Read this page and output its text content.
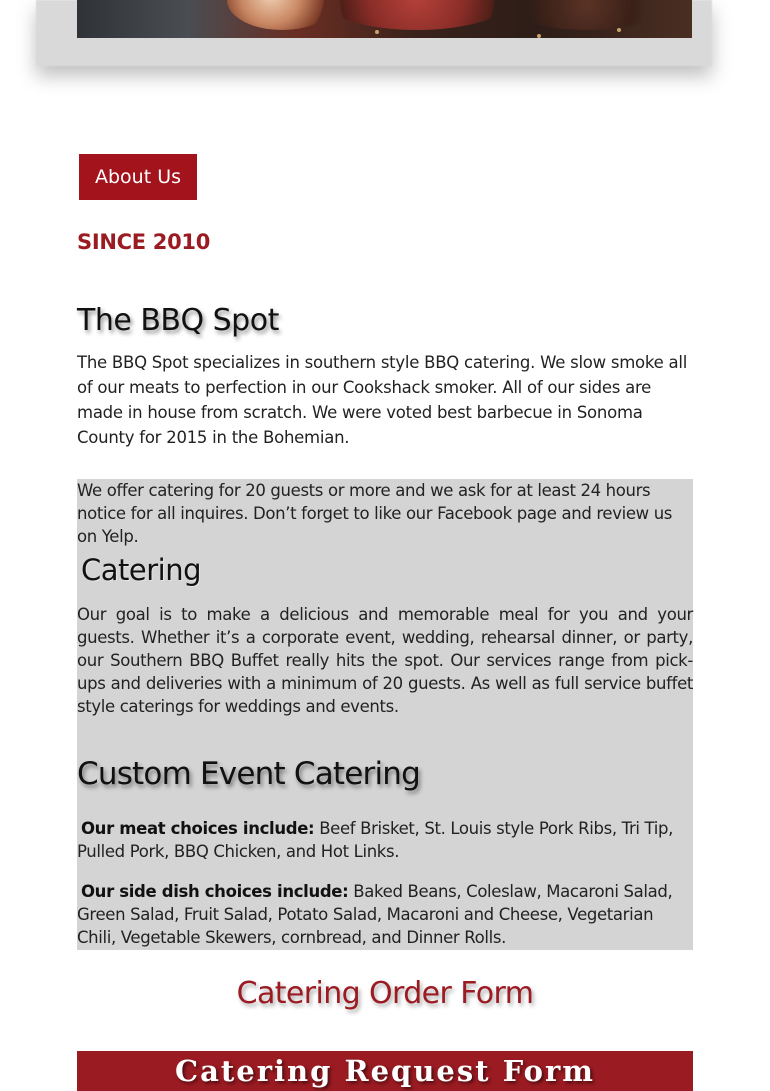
About Us
SINCE 2010
The BBQ Spot

The BBQ Spot specializes in southern style BBQ catering. We slow smoke all of our meats to perfection in our Cookshack smoker. All of our sides are made in house from scratch. We were voted best barbecue in Sonoma County for 2015 in the Bohemian.

We offer catering for 20 guests or more and we ask for at least 24 hours notice for all inquires. Don’t forget to like our Facebook page and review us on Yelp.

Catering

Our goal is to make a delicious and memorable meal for you and your guests. Whether it’s a corporate event, wedding, rehearsal dinner, or party, our Southern BBQ Buffet really hits the spot. Our services range from pick-ups and deliveries with a minimum of 20 guests. As well as full service buffet style caterings for weddings and events.

Custom Event Catering

Our meat choices include: Beef Brisket, St. Louis style Pork Ribs, Tri Tip, Pulled Pork, BBQ Chicken, and Hot Links.

Our side dish choices include: Baked Beans, Coleslaw, Macaroni Salad, Green Salad, Fruit Salad, Potato Salad, Macaroni and Cheese, Vegetarian Chili, Vegetable Skewers, cornbread, and Dinner Rolls.

Catering Order Form
Catering Request Form
